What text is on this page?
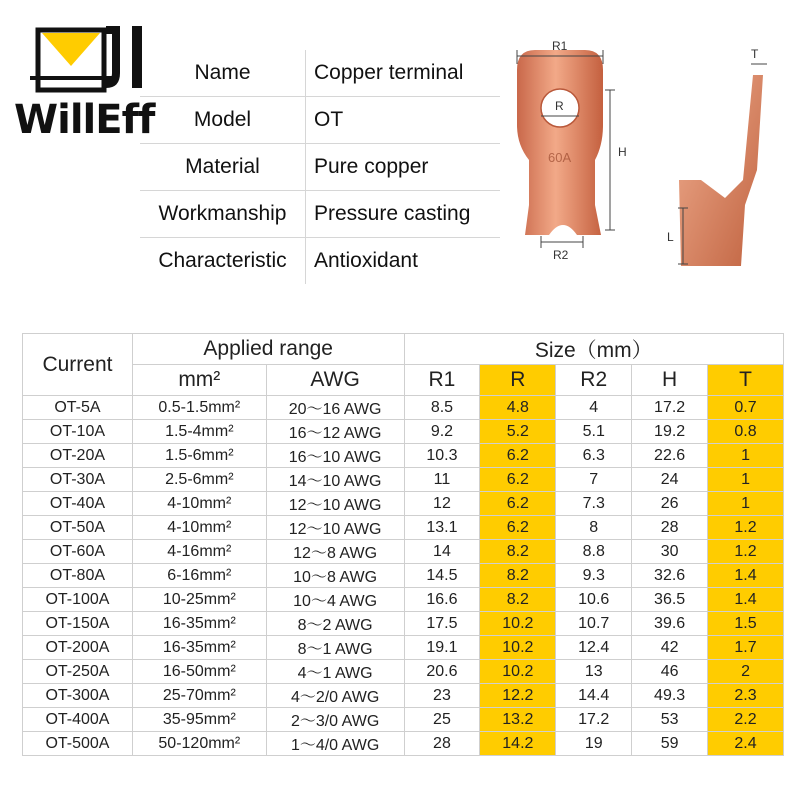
WillEff
Name	Copper terminal
Model	OT
Material	Pure copper
Workmanship	Pressure casting
Characteristic	Antioxidant
60A
R1
R
H
R2
T
L
Current	Applied range		Size（mm）				
	mm²	AWG	R1	R	R2	H	T
OT-5A	0.5-1.5mm²	20～16 AWG	8.5	4.8	4	17.2	0.7
OT-10A	1.5-4mm²	16～12 AWG	9.2	5.2	5.1	19.2	0.8
OT-20A	1.5-6mm²	16～10 AWG	10.3	6.2	6.3	22.6	1
OT-30A	2.5-6mm²	14～10 AWG	11	6.2	7	24	1
OT-40A	4-10mm²	12～10 AWG	12	6.2	7.3	26	1
OT-50A	4-10mm²	12～10 AWG	13.1	6.2	8	28	1.2
OT-60A	4-16mm²	12～8 AWG	14	8.2	8.8	30	1.2
OT-80A	6-16mm²	10～8 AWG	14.5	8.2	9.3	32.6	1.4
OT-100A	10-25mm²	10～4 AWG	16.6	8.2	10.6	36.5	1.4
OT-150A	16-35mm²	8～2 AWG	17.5	10.2	10.7	39.6	1.5
OT-200A	16-35mm²	8～1 AWG	19.1	10.2	12.4	42	1.7
OT-250A	16-50mm²	4～1 AWG	20.6	10.2	13	46	2
OT-300A	25-70mm²	4～2/0 AWG	23	12.2	14.4	49.3	2.3
OT-400A	35-95mm²	2～3/0 AWG	25	13.2	17.2	53	2.2
OT-500A	50-120mm²	1～4/0 AWG	28	14.2	19	59	2.4
